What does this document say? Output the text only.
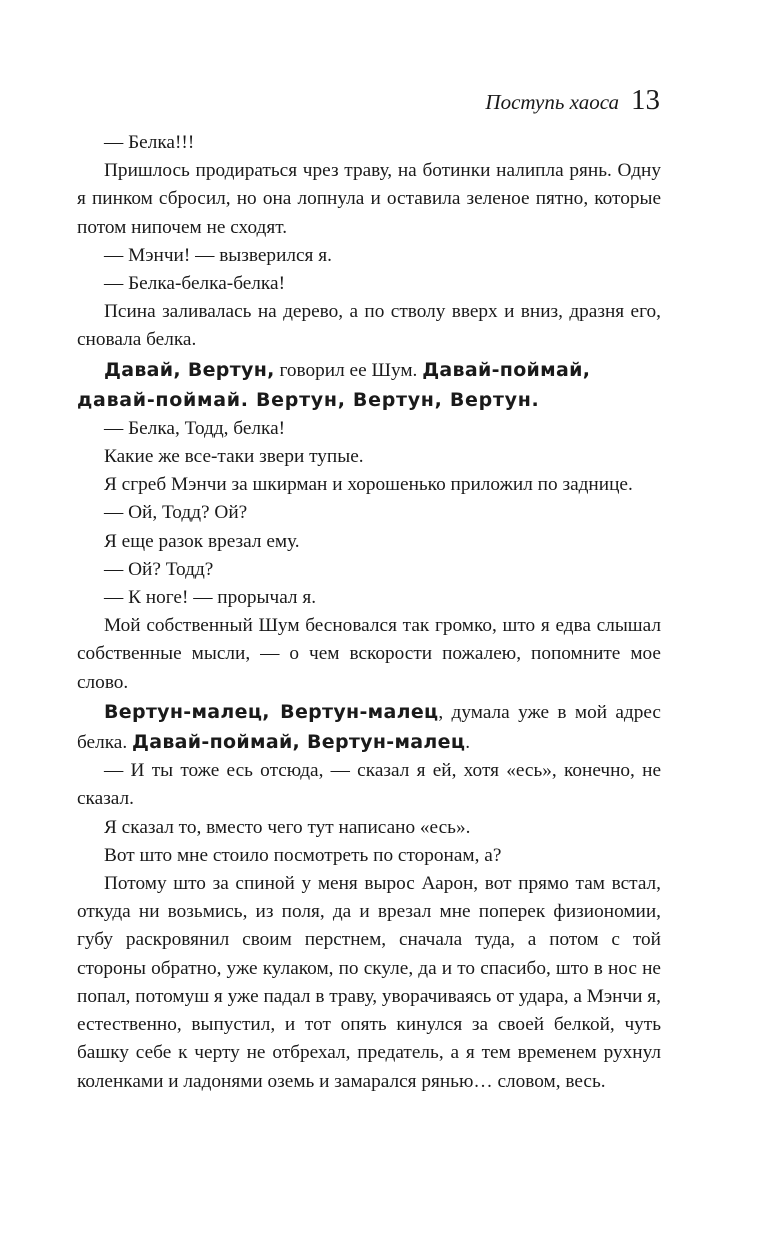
Поступь хаоса 13

— Белка!!!

Пришлось продираться чрез траву, на ботинки налипла рянь. Одну я пинком сбросил, но она лопнула и оставила зеленое пятно, которые потом нипочем не сходят.

— Мэнчи! — вызверился я.

— Белка-белка-белка!

Псина заливалась на дерево, а по стволу вверх и вниз, дразня его, сновала белка.

Давай, Вертун, говорил ее Шум. Давай-поймай,
давай-поймай. Вертун, Вертун, Вертун.

— Белка, Тодд, белка!

Какие же все-таки звери тупые.

Я сгреб Мэнчи за шкирман и хорошенько приложил по заднице.

— Ой, Тодд? Ой?

Я еще разок врезал ему.

— Ой? Тодд?

— К ноге! — прорычал я.

Мой собственный Шум бесновался так громко, што я едва слышал собственные мысли, — о чем вскорости пожалею, попомните мое слово.

Вертун-малец, Вертун-малец, думала уже в мой адрес белка. Давай-поймай, Вертун-малец.

— И ты тоже есь отсюда, — сказал я ей, хотя «есь», конечно, не сказал.

Я сказал то, вместо чего тут написано «есь».

Вот што мне стоило посмотреть по сторонам, а?

Потому што за спиной у меня вырос Аарон, вот прямо там встал, откуда ни возьмись, из поля, да и врезал мне поперек физиономии, губу раскровянил своим перстнем, сначала туда, а потом с той стороны обратно, уже кулаком, по скуле, да и то спасибо, што в нос не попал, потомуш я уже падал в траву, уворачиваясь от удара, а Мэнчи я, естественно, выпустил, и тот опять кинулся за своей белкой, чуть башку себе к черту не отбрехал, предатель, а я тем временем рухнул коленками и ладонями оземь и замарался рянью… словом, весь.
